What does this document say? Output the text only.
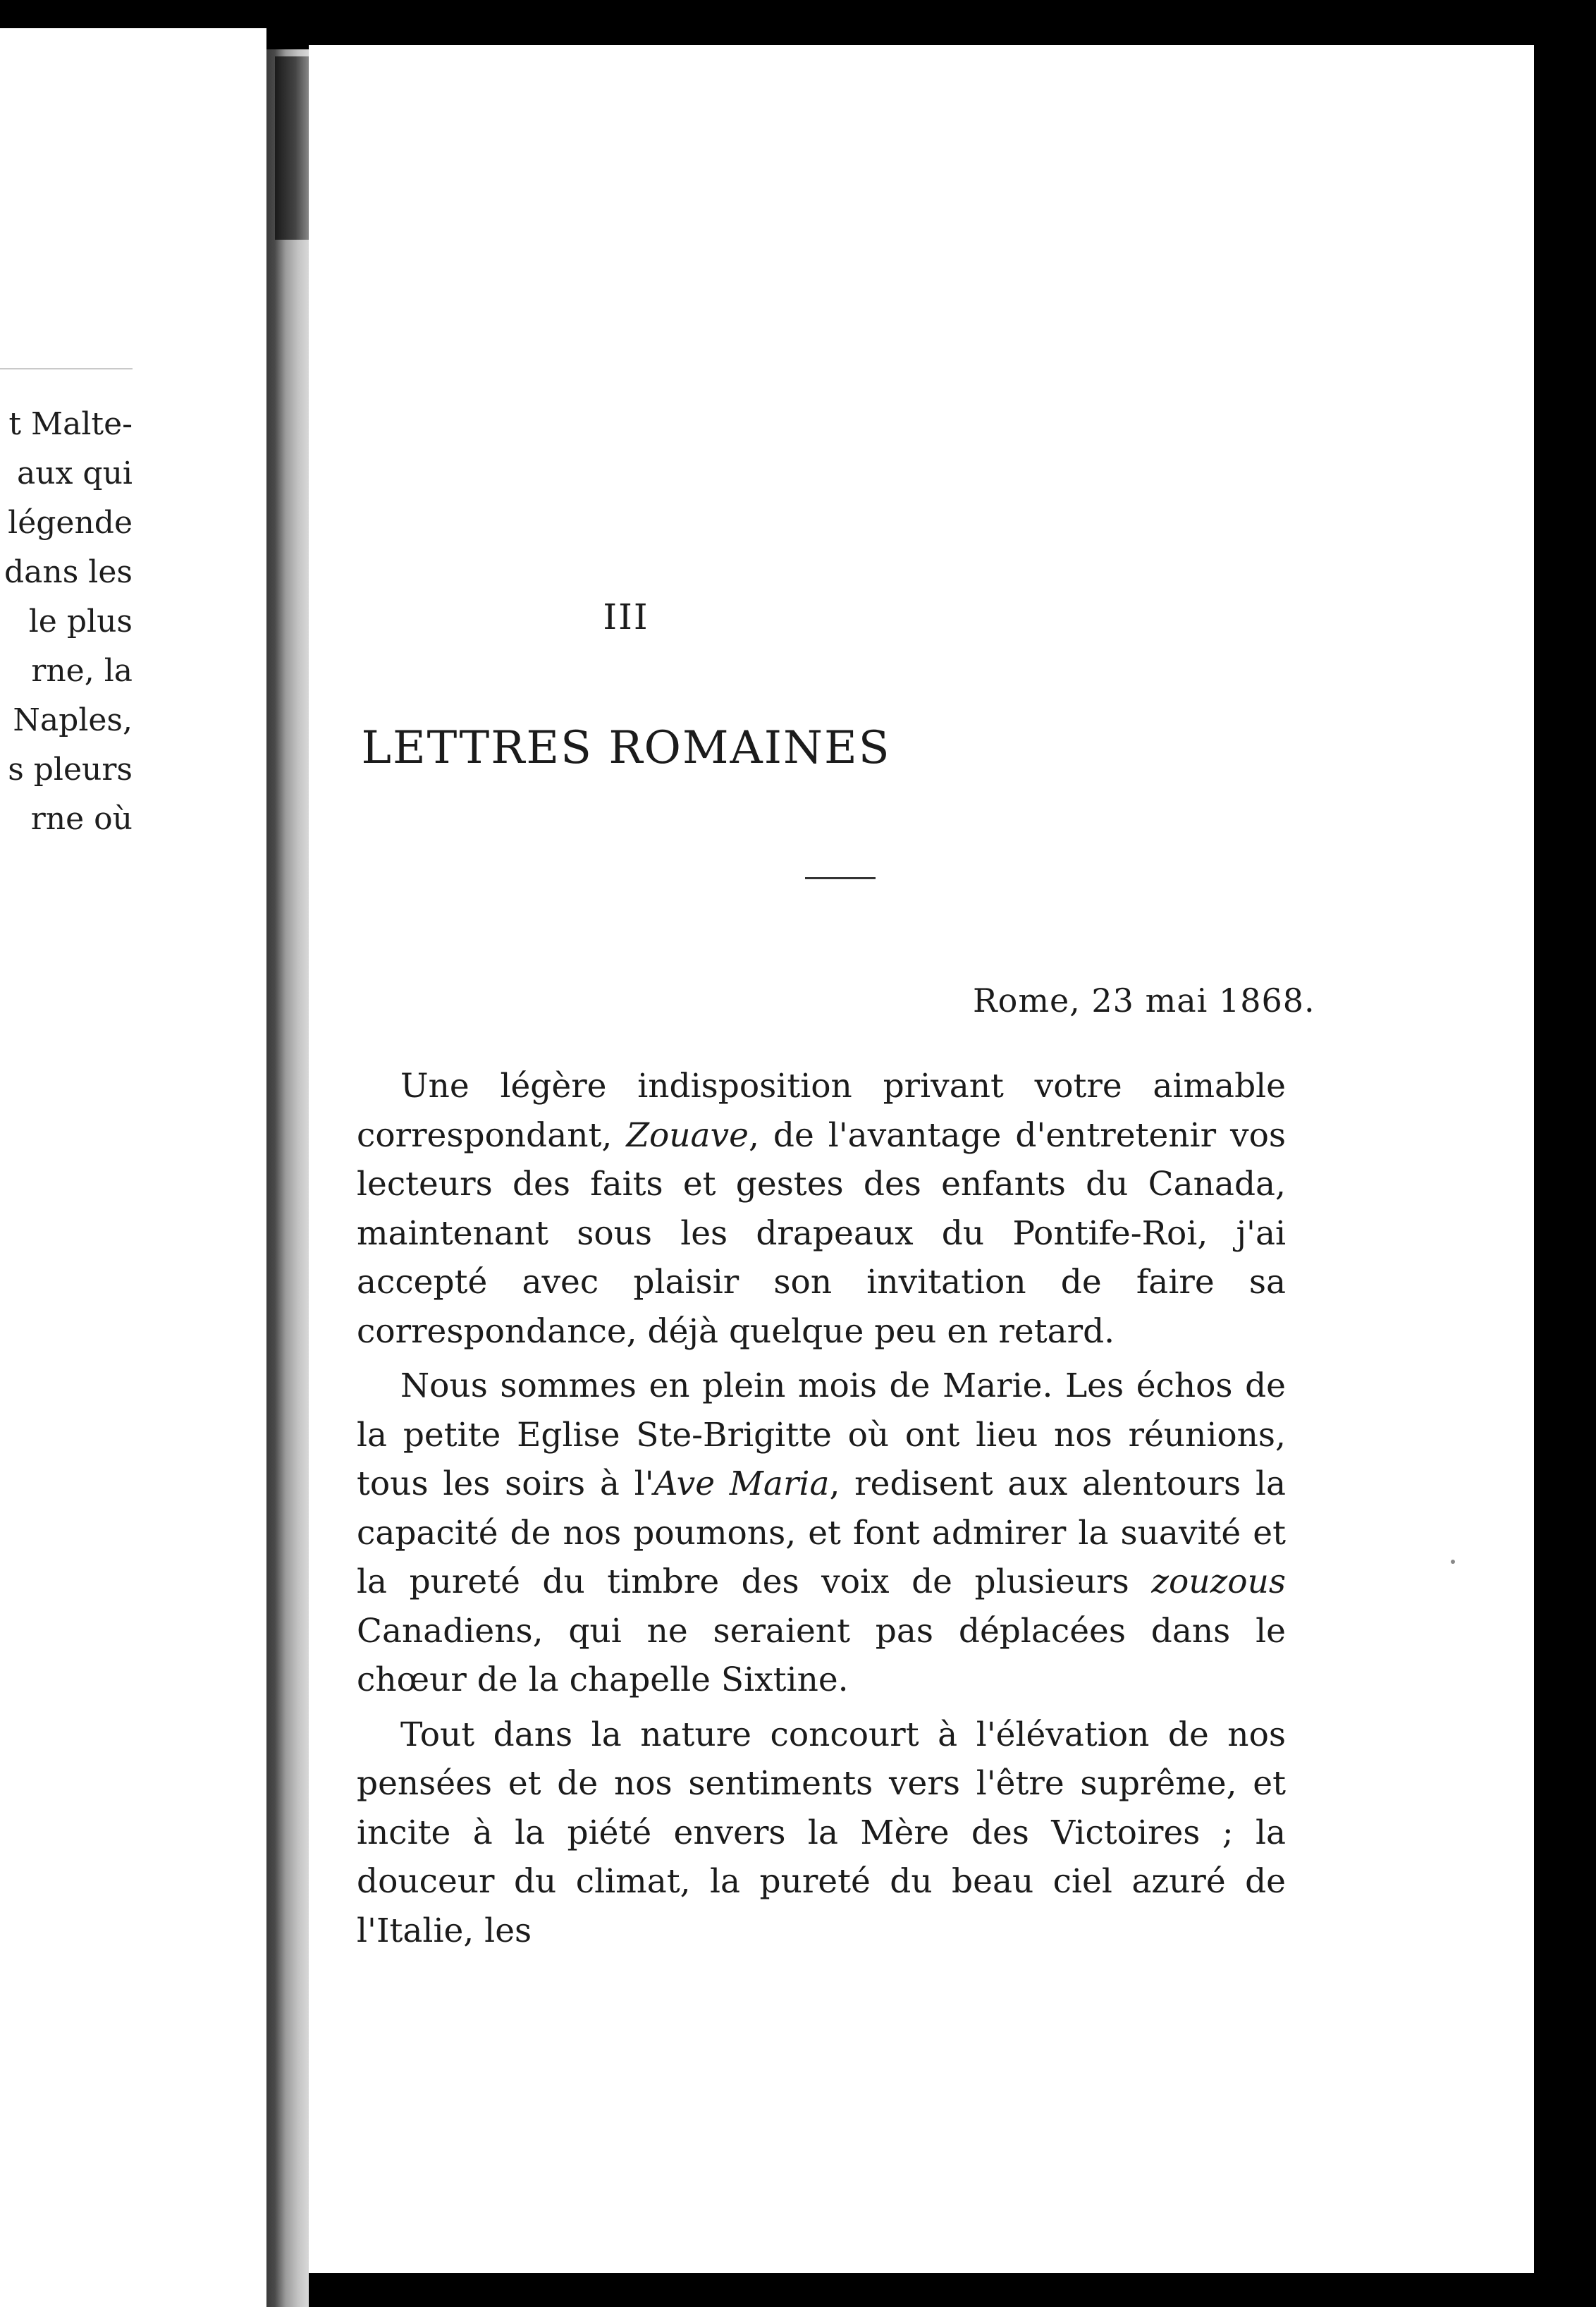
t Malte-
aux qui
légende
dans les
le plus
rne, la
Naples,
s pleurs
rne où
III
LETTRES ROMAINES
Rome, 23 mai 1868.

Une légère indisposition privant votre aimable correspondant, Zouave, de l'avantage d'entretenir vos lecteurs des faits et gestes des enfants du Canada, maintenant sous les drapeaux du Pontife-Roi, j'ai accepté avec plaisir son invitation de faire sa correspondance, déjà quelque peu en retard.

Nous sommes en plein mois de Marie. Les échos de la petite Eglise Ste-Brigitte où ont lieu nos réunions, tous les soirs à l'Ave Maria, redisent aux alentours la capacité de nos poumons, et font admirer la suavité et la pureté du timbre des voix de plusieurs zouzous Canadiens, qui ne seraient pas déplacées dans le chœur de la chapelle Sixtine.

Tout dans la nature concourt à l'élévation de nos pensées et de nos sentiments vers l'être suprême, et incite à la piété envers la Mère des Victoires ; la douceur du climat, la pureté du beau ciel azuré de l'Italie, les
